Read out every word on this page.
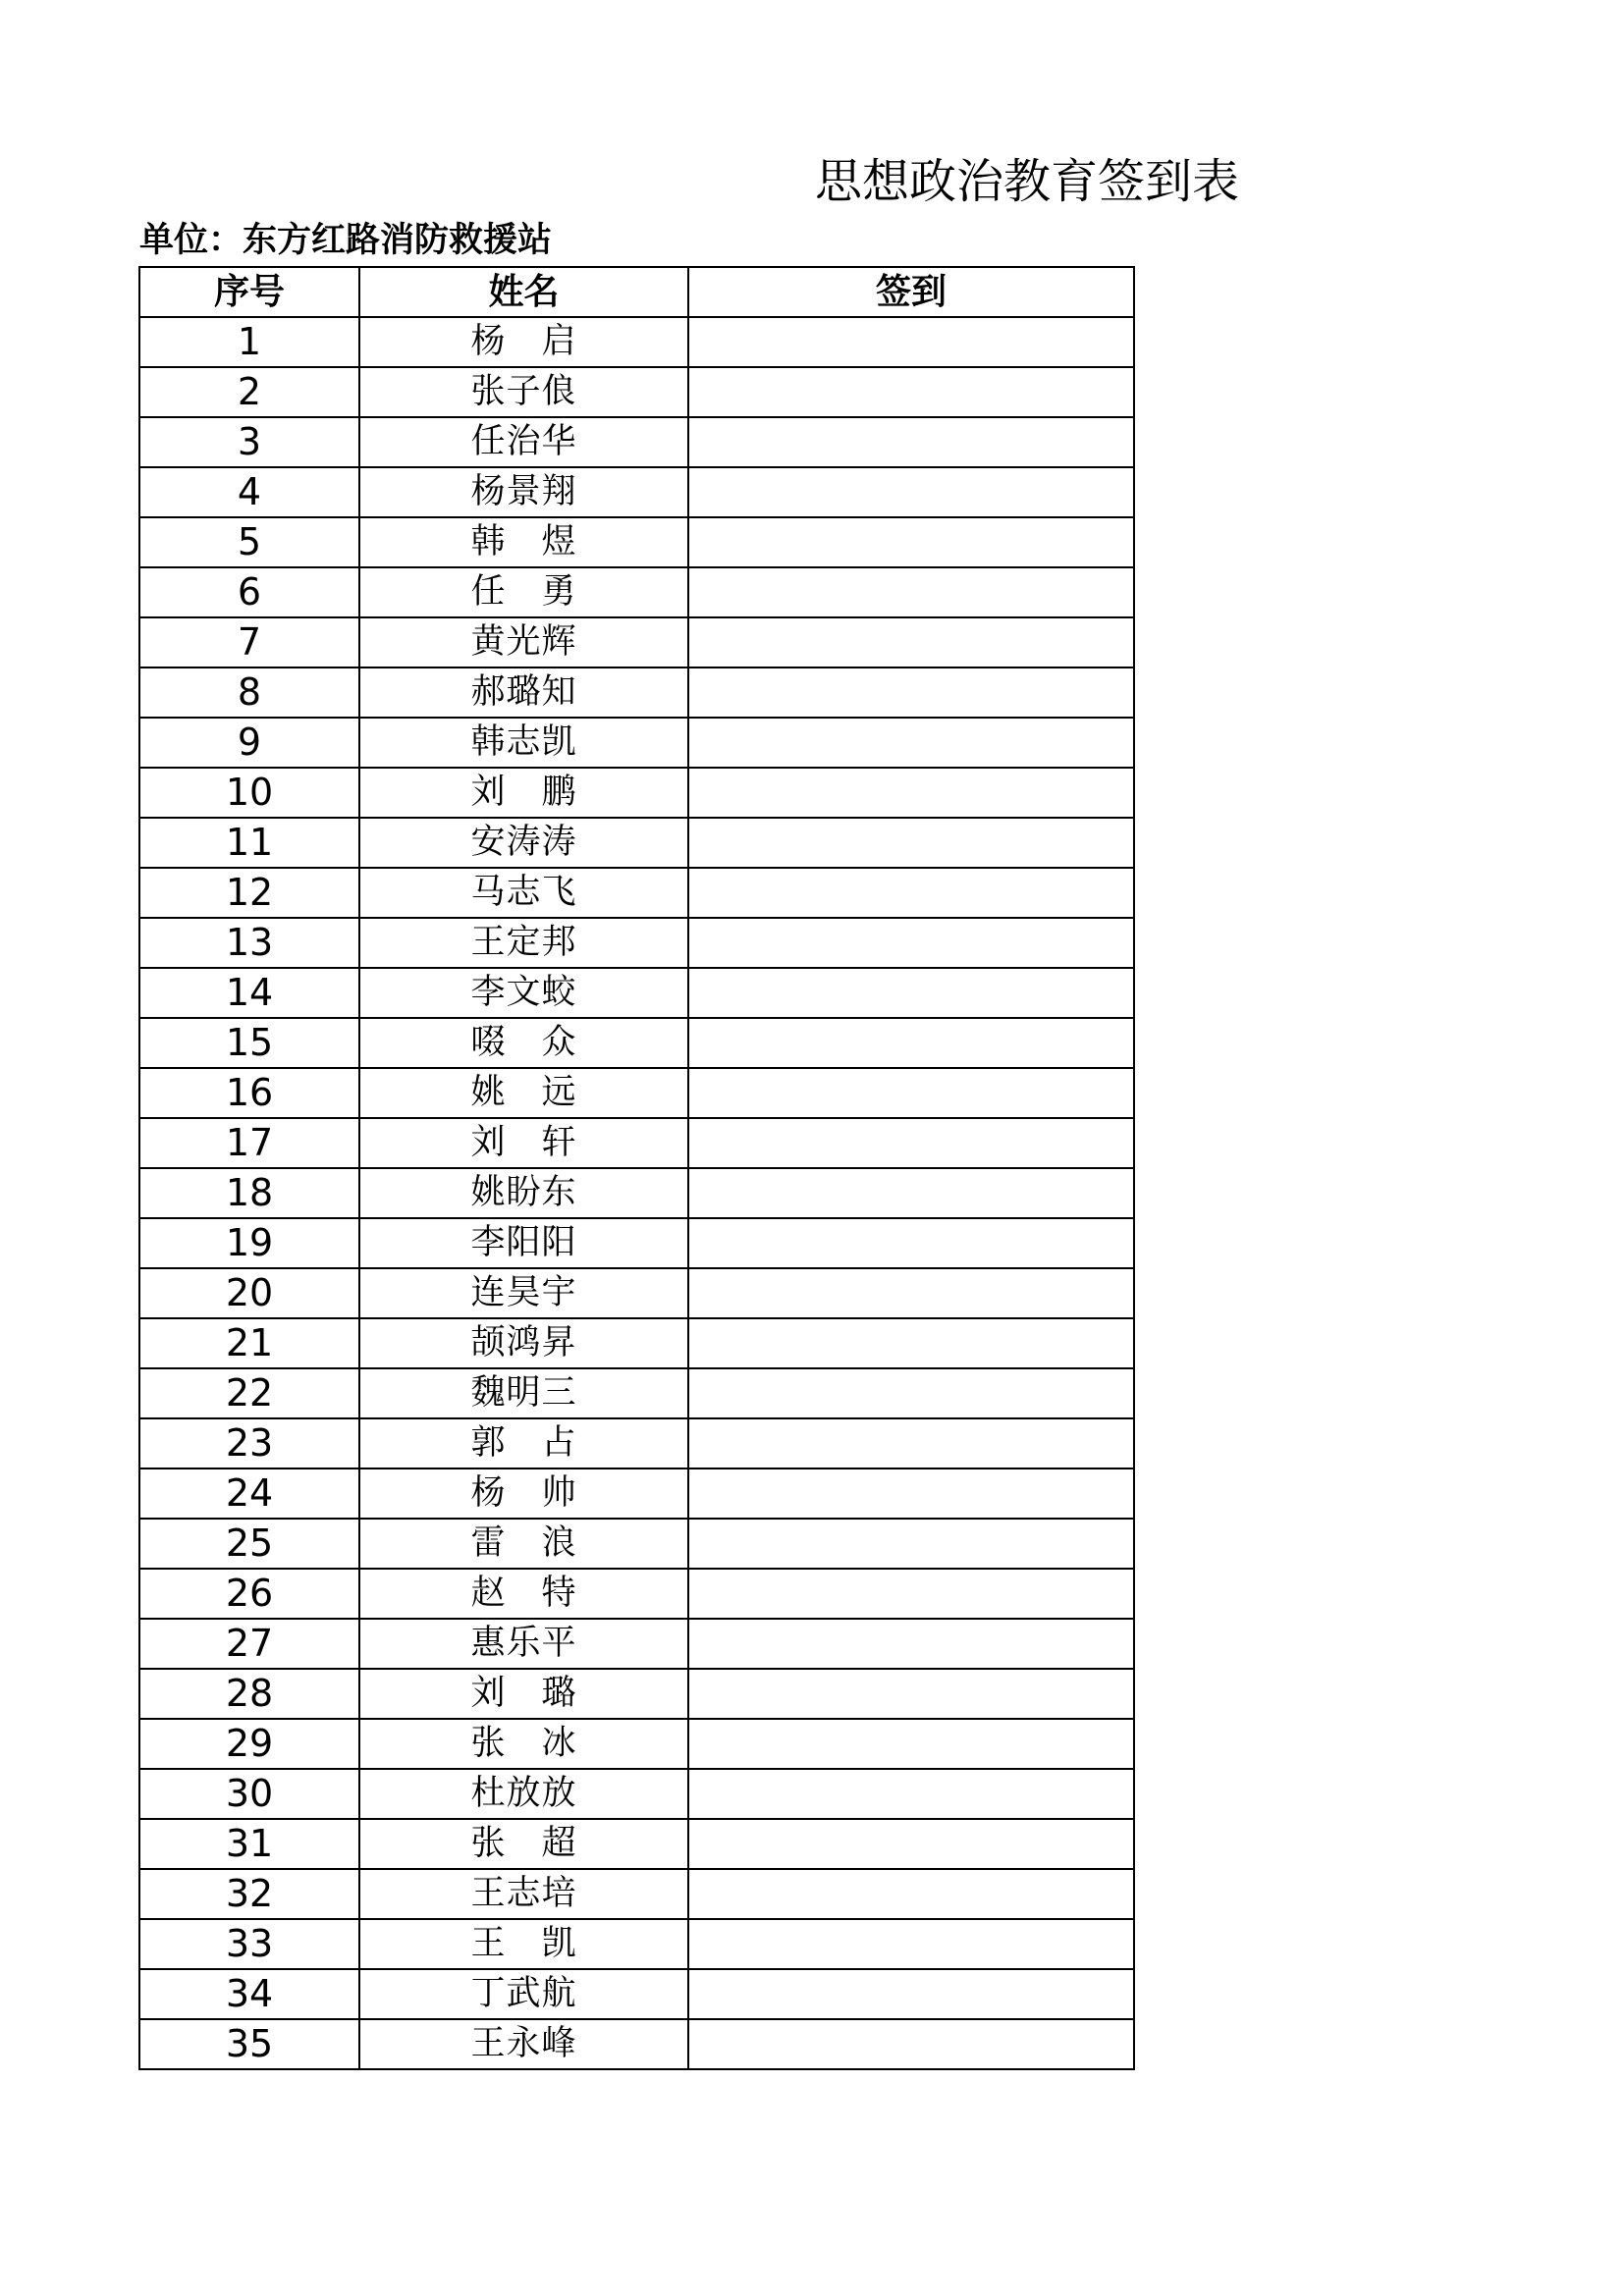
思想政治教育签到表
单位：东方红路消防救援站
序号	姓名	签到
1	杨　启	
2	张子俍	
3	任治华	
4	杨景翔	
5	韩　煜	
6	任　勇	
7	黄光辉	
8	郝璐知	
9	韩志凯	
10	刘　鹏	
11	安涛涛	
12	马志飞	
13	王定邦	
14	李文蛟	
15	啜　众	
16	姚　远	
17	刘　轩	
18	姚盼东	
19	李阳阳	
20	连昊宇	
21	颉鸿昇	
22	魏明三	
23	郭　占	
24	杨　帅	
25	雷　浪	
26	赵　特	
27	惠乐平	
28	刘　璐	
29	张　冰	
30	杜放放	
31	张　超	
32	王志培	
33	王　凯	
34	丁武航	
35	王永峰	
